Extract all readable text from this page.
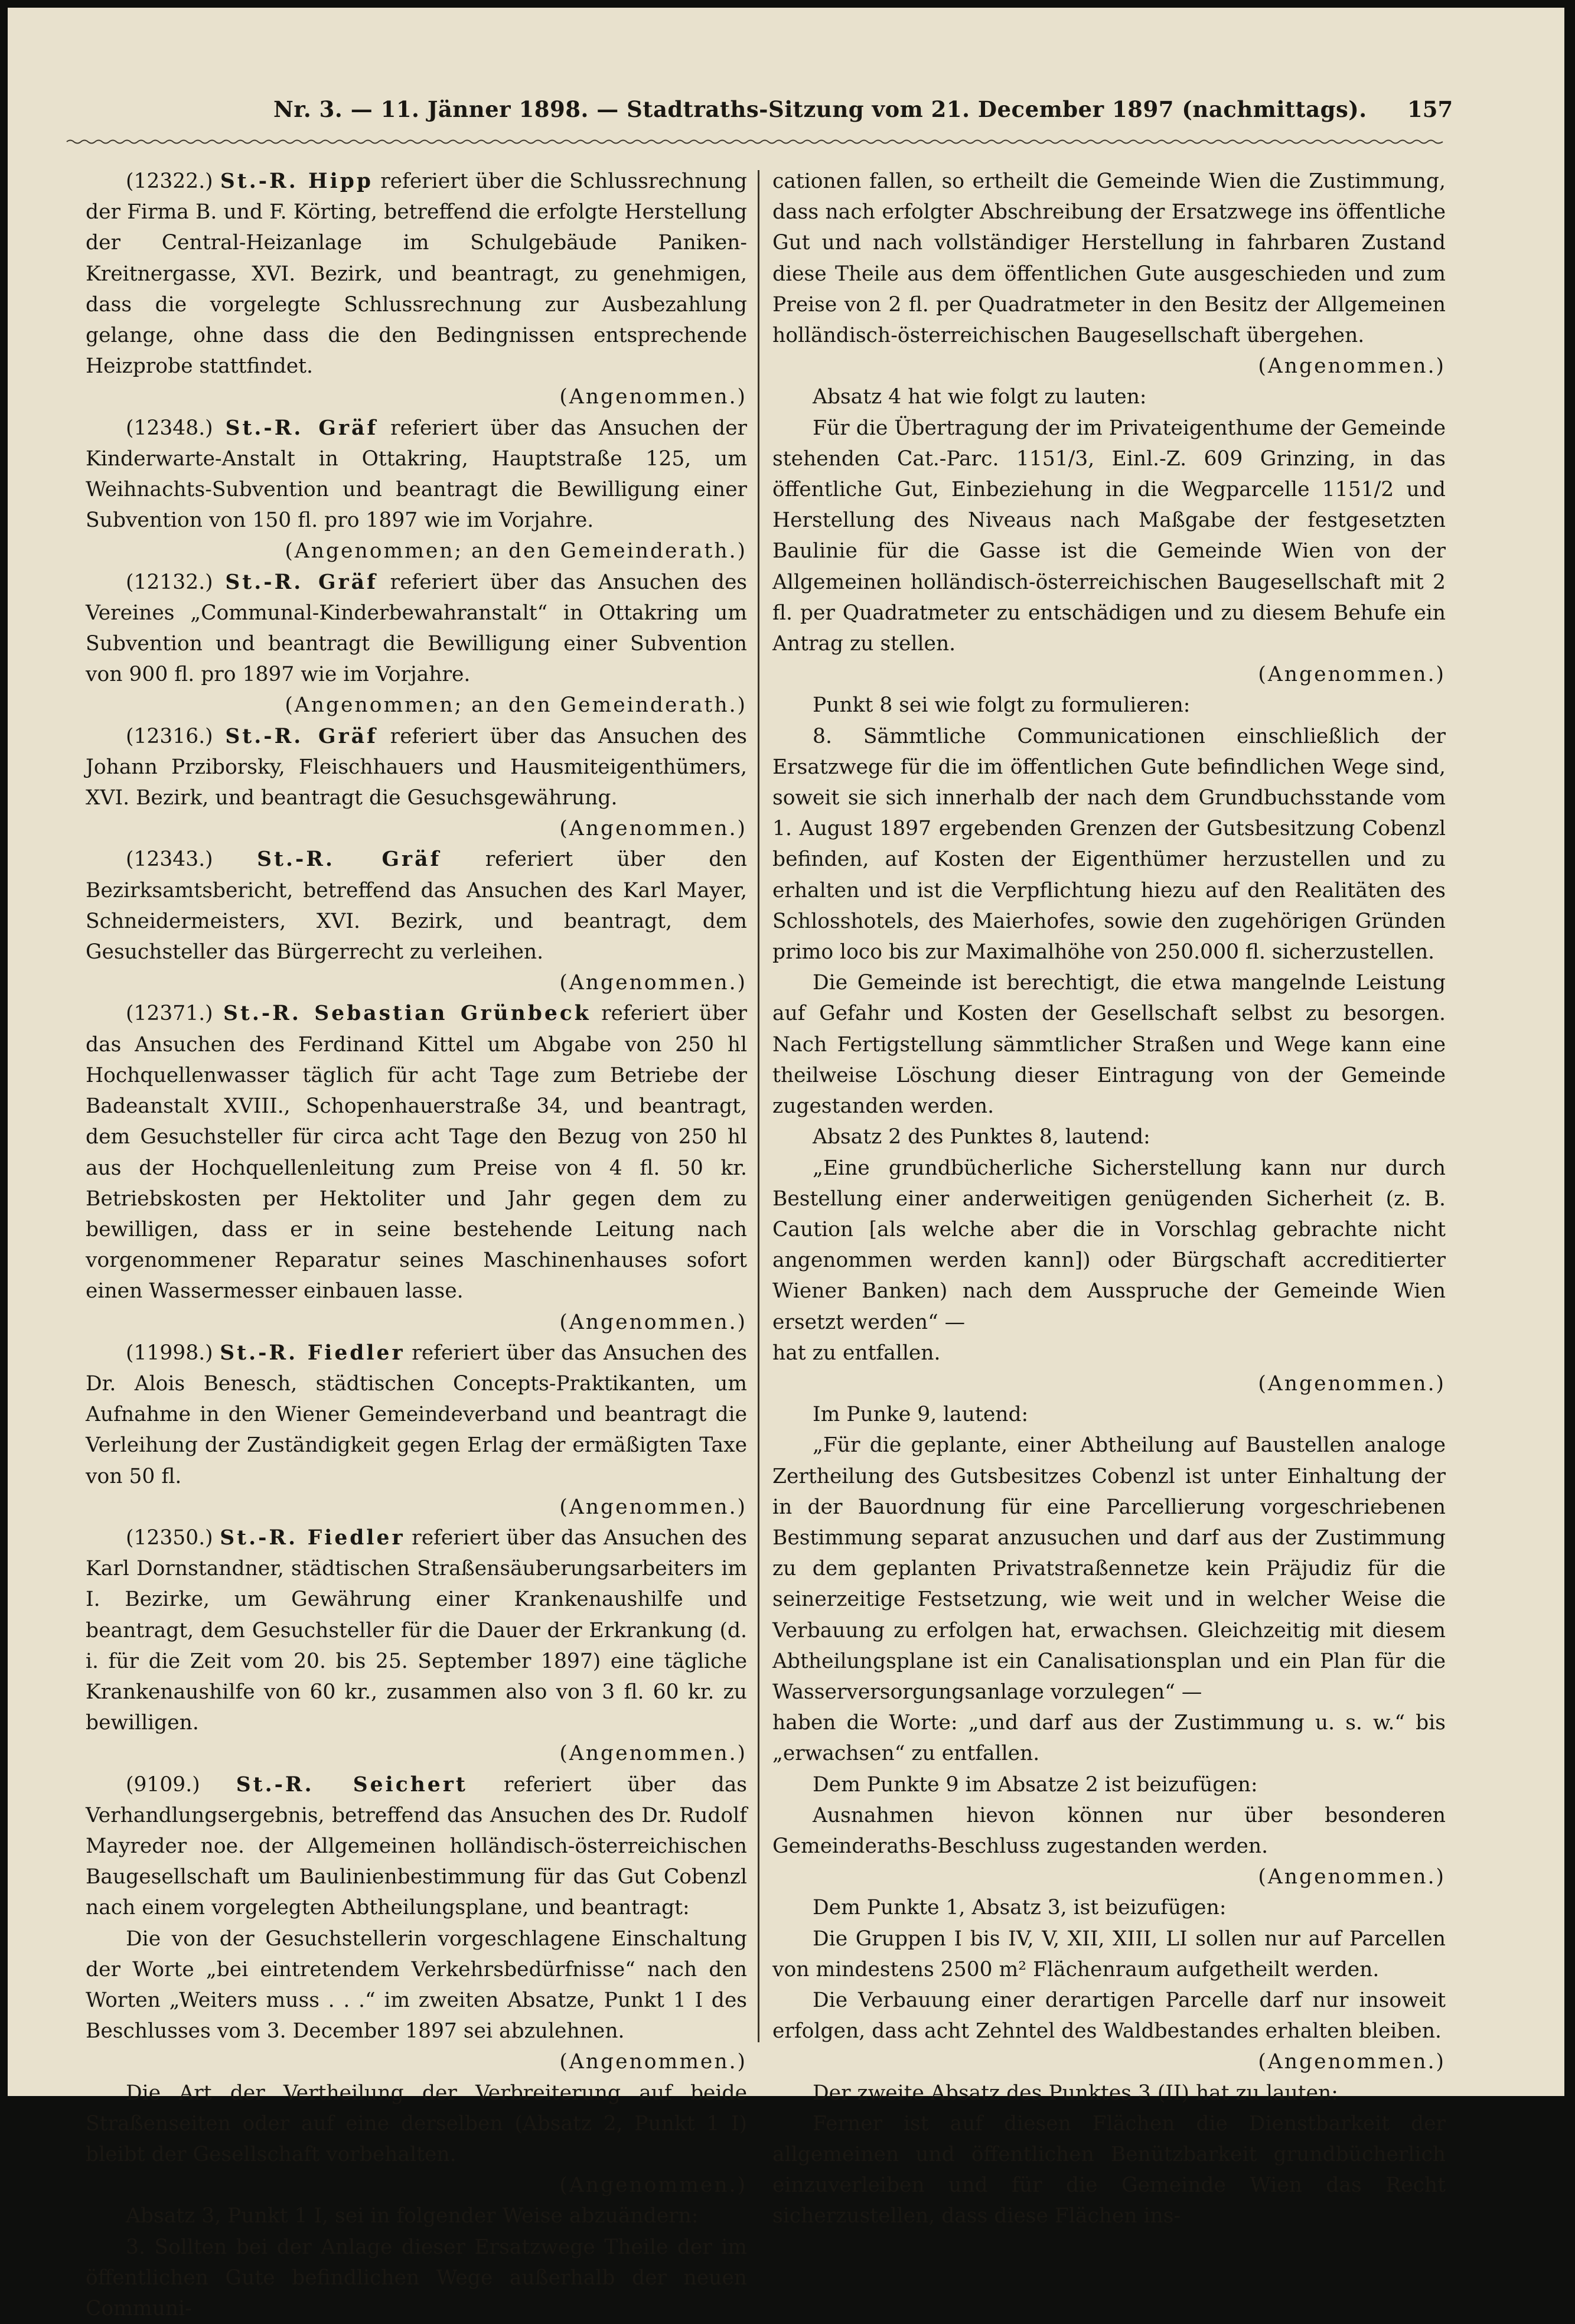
Nr. 3. — 11. Jänner 1898. — Stadtraths-Sitzung vom 21. December 1897 (nachmittags). 157

(12322.) St.-R. Hipp referiert über die Schlussrechnung der Firma B. und F. Körting, betreffend die erfolgte Herstellung der Central-Heizanlage im Schulgebäude Paniken-Kreitnergasse, XVI. Bezirk, und beantragt, zu genehmigen, dass die vorgelegte Schlussrechnung zur Ausbezahlung gelange, ohne dass die den Bedingnissen entsprechende Heizprobe stattfindet.

(Angenommen.)

(12348.) St.-R. Gräf referiert über das Ansuchen der Kinderwarte-Anstalt in Ottakring, Hauptstraße 125, um Weihnachts-Subvention und beantragt die Bewilligung einer Subvention von 150 fl. pro 1897 wie im Vorjahre.

(Angenommen; an den Gemeinderath.)

(12132.) St.-R. Gräf referiert über das Ansuchen des Vereines „Communal-Kinderbewahranstalt“ in Ottakring um Subvention und beantragt die Bewilligung einer Subvention von 900 fl. pro 1897 wie im Vorjahre.

(Angenommen; an den Gemeinderath.)

(12316.) St.-R. Gräf referiert über das Ansuchen des Johann Prziborsky, Fleischhauers und Hausmiteigenthümers, XVI. Bezirk, und beantragt die Gesuchsgewährung.

(Angenommen.)

(12343.) St.-R. Gräf referiert über den Bezirksamtsbericht, betreffend das Ansuchen des Karl Mayer, Schneidermeisters, XVI. Bezirk, und beantragt, dem Gesuchsteller das Bürgerrecht zu verleihen.

(Angenommen.)

(12371.) St.-R. Sebastian Grünbeck referiert über das Ansuchen des Ferdinand Kittel um Abgabe von 250 hl Hochquellenwasser täglich für acht Tage zum Betriebe der Badeanstalt XVIII., Schopenhauerstraße 34, und beantragt, dem Gesuchsteller für circa acht Tage den Bezug von 250 hl aus der Hochquellenleitung zum Preise von 4 fl. 50 kr. Betriebskosten per Hektoliter und Jahr gegen dem zu bewilligen, dass er in seine bestehende Leitung nach vorgenommener Reparatur seines Maschinenhauses sofort einen Wassermesser einbauen lasse.

(Angenommen.)

(11998.) St.-R. Fiedler referiert über das Ansuchen des Dr. Alois Benesch, städtischen Concepts-Praktikanten, um Aufnahme in den Wiener Gemeindeverband und beantragt die Verleihung der Zuständigkeit gegen Erlag der ermäßigten Taxe von 50 fl.

(Angenommen.)

(12350.) St.-R. Fiedler referiert über das Ansuchen des Karl Dornstandner, städtischen Straßensäuberungsarbeiters im I. Bezirke, um Gewährung einer Krankenaushilfe und beantragt, dem Gesuchsteller für die Dauer der Erkrankung (d. i. für die Zeit vom 20. bis 25. September 1897) eine tägliche Krankenaushilfe von 60 kr., zusammen also von 3 fl. 60 kr. zu bewilligen.

(Angenommen.)

(9109.) St.-R. Seichert referiert über das Verhandlungsergebnis, betreffend das Ansuchen des Dr. Rudolf Mayreder noe. der Allgemeinen holländisch-österreichischen Baugesellschaft um Baulinienbestimmung für das Gut Cobenzl nach einem vorgelegten Abtheilungsplane, und beantragt:

Die von der Gesuchstellerin vorgeschlagene Einschaltung der Worte „bei eintretendem Verkehrsbedürfnisse“ nach den Worten „Weiters muss . . .“ im zweiten Absatze, Punkt 1 I des Beschlusses vom 3. December 1897 sei abzulehnen.

(Angenommen.)

Die Art der Vertheilung der Verbreiterung auf beide Straßenseiten oder auf eine derselben (Absatz 2, Punkt 1 I) bleibt der Gesellschaft vorbehalten.

(Angenommen.)

Absatz 3, Punkt 1 I, sei in folgender Weise abzuändern:

3. Sollten bei der Anlage dieser Ersatzwege Theile der im öffentlichen Gute befindlichen Wege außerhalb der neuen Communi-

cationen fallen, so ertheilt die Gemeinde Wien die Zustimmung, dass nach erfolgter Abschreibung der Ersatzwege ins öffentliche Gut und nach vollständiger Herstellung in fahrbaren Zustand diese Theile aus dem öffentlichen Gute ausgeschieden und zum Preise von 2 fl. per Quadratmeter in den Besitz der Allgemeinen holländisch-österreichischen Baugesellschaft übergehen.

(Angenommen.)

Absatz 4 hat wie folgt zu lauten:

Für die Übertragung der im Privateigenthume der Gemeinde stehenden Cat.-Parc. 1151/3, Einl.-Z. 609 Grinzing, in das öffentliche Gut, Einbeziehung in die Wegparcelle 1151/2 und Herstellung des Niveaus nach Maßgabe der festgesetzten Baulinie für die Gasse ist die Gemeinde Wien von der Allgemeinen holländisch-österreichischen Baugesellschaft mit 2 fl. per Quadratmeter zu entschädigen und zu diesem Behufe ein Antrag zu stellen.

(Angenommen.)

Punkt 8 sei wie folgt zu formulieren:

8. Sämmtliche Communicationen einschließlich der Ersatzwege für die im öffentlichen Gute befindlichen Wege sind, soweit sie sich innerhalb der nach dem Grundbuchsstande vom 1. August 1897 ergebenden Grenzen der Gutsbesitzung Cobenzl befinden, auf Kosten der Eigenthümer herzustellen und zu erhalten und ist die Verpflichtung hiezu auf den Realitäten des Schlosshotels, des Maierhofes, sowie den zugehörigen Gründen primo loco bis zur Maximalhöhe von 250.000 fl. sicherzustellen.

Die Gemeinde ist berechtigt, die etwa mangelnde Leistung auf Gefahr und Kosten der Gesellschaft selbst zu besorgen. Nach Fertigstellung sämmtlicher Straßen und Wege kann eine theilweise Löschung dieser Eintragung von der Gemeinde zugestanden werden.

Absatz 2 des Punktes 8, lautend:

„Eine grundbücherliche Sicherstellung kann nur durch Bestellung einer anderweitigen genügenden Sicherheit (z. B. Caution [als welche aber die in Vorschlag gebrachte nicht angenommen werden kann]) oder Bürgschaft accreditierter Wiener Banken) nach dem Ausspruche der Gemeinde Wien ersetzt werden“ —

hat zu entfallen.

(Angenommen.)

Im Punke 9, lautend:

„Für die geplante, einer Abtheilung auf Baustellen analoge Zertheilung des Gutsbesitzes Cobenzl ist unter Einhaltung der in der Bauordnung für eine Parcellierung vorgeschriebenen Bestimmung separat anzusuchen und darf aus der Zustimmung zu dem geplanten Privatstraßennetze kein Präjudiz für die seinerzeitige Festsetzung, wie weit und in welcher Weise die Verbauung zu erfolgen hat, erwachsen. Gleichzeitig mit diesem Abtheilungsplane ist ein Canalisationsplan und ein Plan für die Wasserversorgungsanlage vorzulegen“ —

haben die Worte: „und darf aus der Zustimmung u. s. w.“ bis „erwachsen“ zu entfallen.

Dem Punkte 9 im Absatze 2 ist beizufügen:

Ausnahmen hievon können nur über besonderen Gemeinderaths-Beschluss zugestanden werden.

(Angenommen.)

Dem Punkte 1, Absatz 3, ist beizufügen:

Die Gruppen I bis IV, V, XII, XIII, LI sollen nur auf Parcellen von mindestens 2500 m² Flächenraum aufgetheilt werden.

Die Verbauung einer derartigen Parcelle darf nur insoweit erfolgen, dass acht Zehntel des Waldbestandes erhalten bleiben.

(Angenommen.)

Der zweite Absatz des Punktes 3 (II) hat zu lauten:

Ferner ist auf diesen Flächen die Dienstbarkeit der allgemeinen und öffentlichen Benützbarkeit grundbücherlich einzuverleiben und für die Gemeinde Wien das Recht sicherzustellen, dass diese Flächen ins-
